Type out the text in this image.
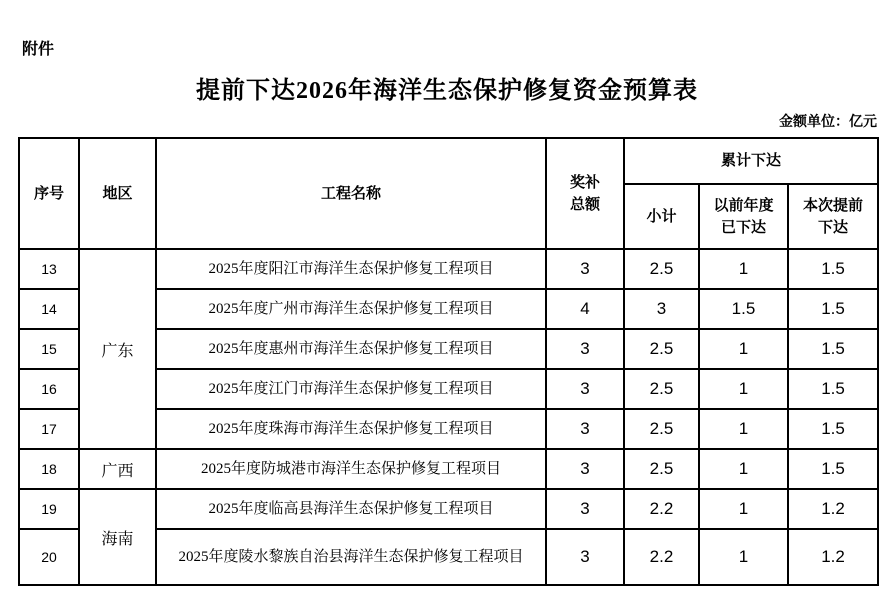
附件
提前下达2026年海洋生态保护修复资金预算表
金额单位：亿元
序号	地区	工程名称	奖补总额	累计下达		
				小计	以前年度已下达	本次提前下达
13	广东	2025年度阳江市海洋生态保护修复工程项目	3	2.5	1	1.5
14		2025年度广州市海洋生态保护修复工程项目	4	3	1.5	1.5
15		2025年度惠州市海洋生态保护修复工程项目	3	2.5	1	1.5
16		2025年度江门市海洋生态保护修复工程项目	3	2.5	1	1.5
17		2025年度珠海市海洋生态保护修复工程项目	3	2.5	1	1.5
18	广西	2025年度防城港市海洋生态保护修复工程项目	3	2.5	1	1.5
19	海南	2025年度临高县海洋生态保护修复工程项目	3	2.2	1	1.2
20		2025年度陵水黎族自治县海洋生态保护修复工程项目	3	2.2	1	1.2
